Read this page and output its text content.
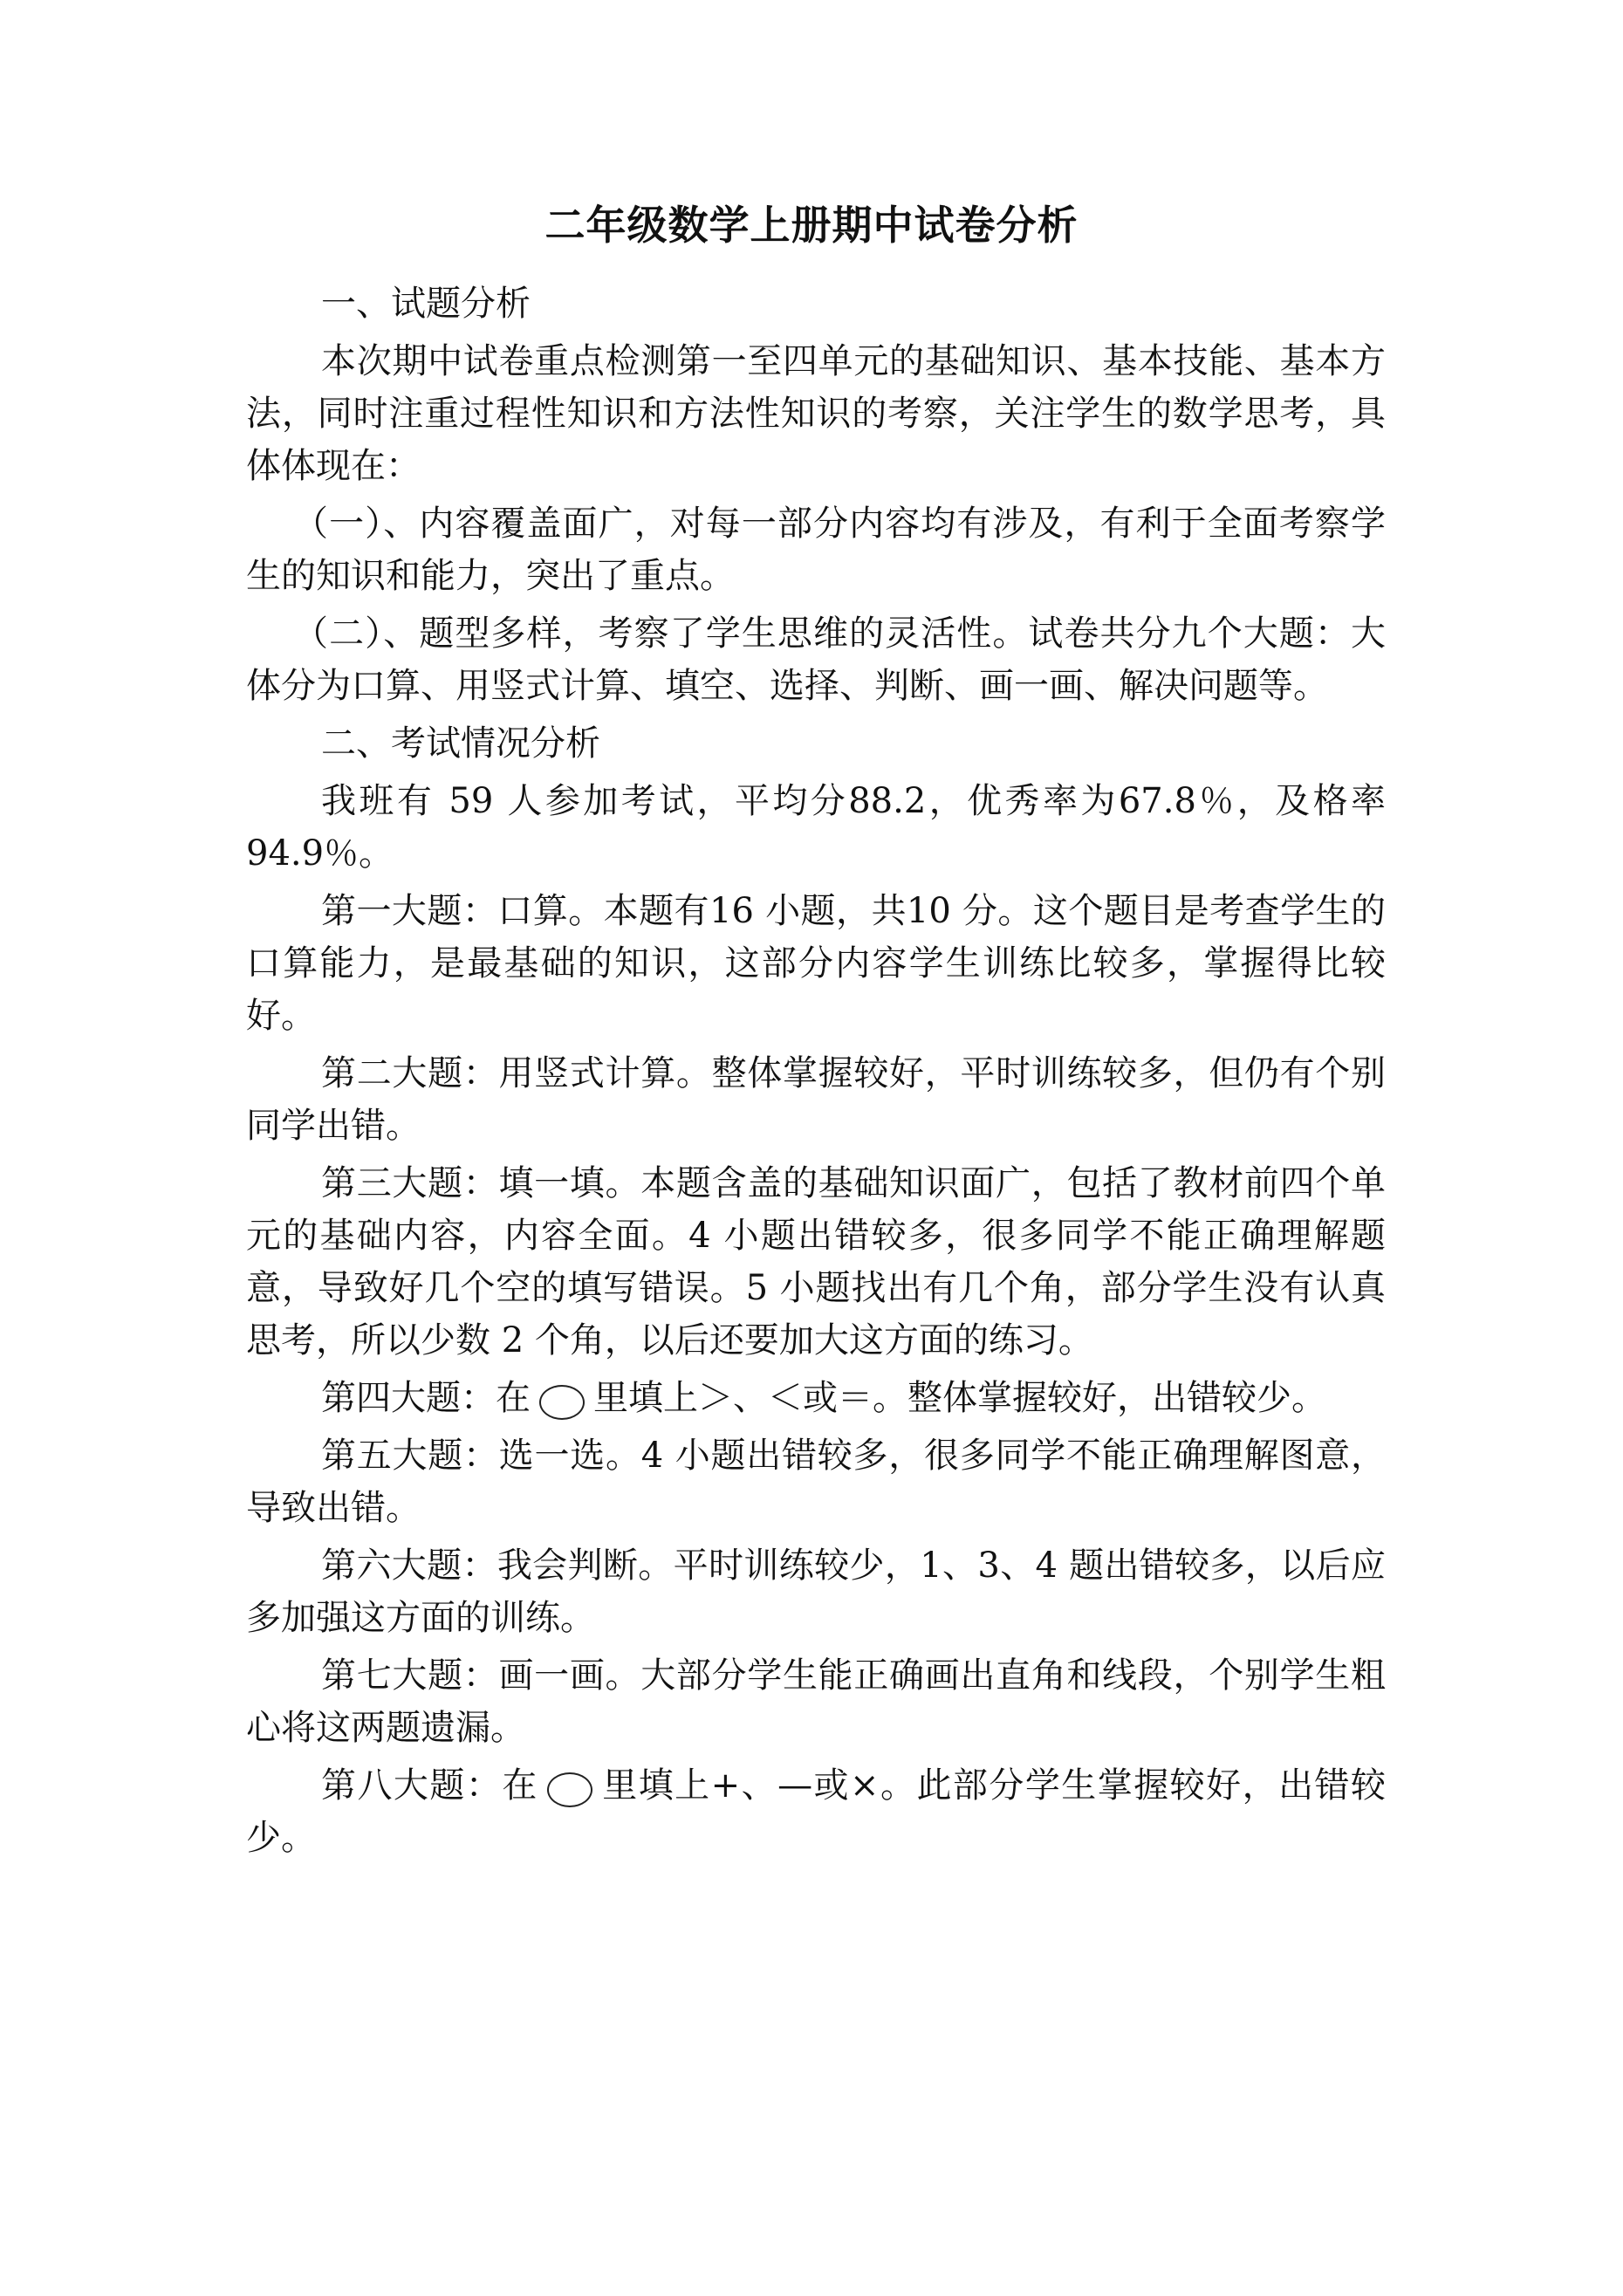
二年级数学上册期中试卷分析

一、试题分析

本次期中试卷重点检测第一至四单元的基础知识、基本技能、基本方法，同时注重过程性知识和方法性知识的考察，关注学生的数学思考，具体体现在：

（一）、内容覆盖面广，对每一部分内容均有涉及，有利于全面考察学生的知识和能力，突出了重点。

（二）、题型多样，考察了学生思维的灵活性。试卷共分九个大题：大体分为口算、用竖式计算、填空、选择、判断、画一画、解决问题等。

二、考试情况分析

我班有 59 人参加考试，平均分88.2，优秀率为67.8％，及格率94.9％。

第一大题：口算。本题有16 小题，共10 分。这个题目是考查学生的口算能力，是最基础的知识，这部分内容学生训练比较多，掌握得比较好。

第二大题：用竖式计算。整体掌握较好，平时训练较多，但仍有个别同学出错。

第三大题：填一填。本题含盖的基础知识面广，包括了教材前四个单元的基础内容，内容全面。4 小题出错较多，很多同学不能正确理解题意，导致好几个空的填写错误。5 小题找出有几个角，部分学生没有认真思考，所以少数 2 个角，以后还要加大这方面的练习。

第四大题：在 里填上＞、＜或＝。整体掌握较好，出错较少。

第五大题：选一选。4 小题出错较多，很多同学不能正确理解图意，导致出错。

第六大题：我会判断。平时训练较少，1、3、4 题出错较多，以后应多加强这方面的训练。

第七大题：画一画。大部分学生能正确画出直角和线段，个别学生粗心将这两题遗漏。

第八大题：在 里填上+、—或×。此部分学生掌握较好，出错较少。
